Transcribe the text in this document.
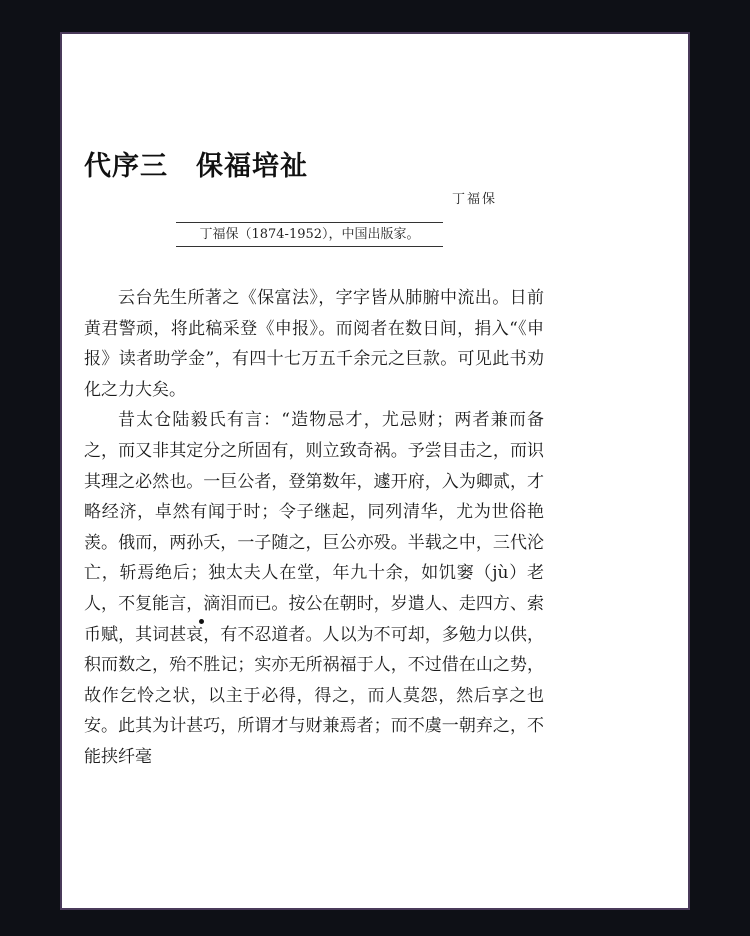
代序三　保福培祉
丁福保
丁福保（1874-1952），中国出版家。

云台先生所著之《保富法》，字字皆从肺腑中流出。日前黄君警顽，将此稿采登《申报》。而阅者在数日间，捐入“《申报》读者助学金”，有四十七万五千余元之巨款。可见此书劝化之力大矣。

昔太仓陆毅氏有言：“造物忌才，尤忌财；两者兼而备之，而又非其定分之所固有，则立致奇祸。予尝目击之，而识其理之必然也。一巨公者，登第数年，遽开府，入为卿贰，才略经济，卓然有闻于时；令子继起，同列清华，尤为世俗艳羡。俄而，两孙夭，一子随之，巨公亦殁。半载之中，三代沦亡，斩焉绝后；独太夫人在堂，年九十余，如饥窭（jù）老人，不复能言，滴泪而已。按公在朝时，岁遣人、走四方、索币赋，其词甚哀，有不忍道者。人以为不可却，多勉力以供，积而数之，殆不胜记；实亦无所祸福于人，不过借在山之势，故作乞怜之状，以主于必得，得之，而人莫怨，然后享之也安。此其为计甚巧，所谓才与财兼焉者；而不虞一朝弃之，不能挟纤毫
